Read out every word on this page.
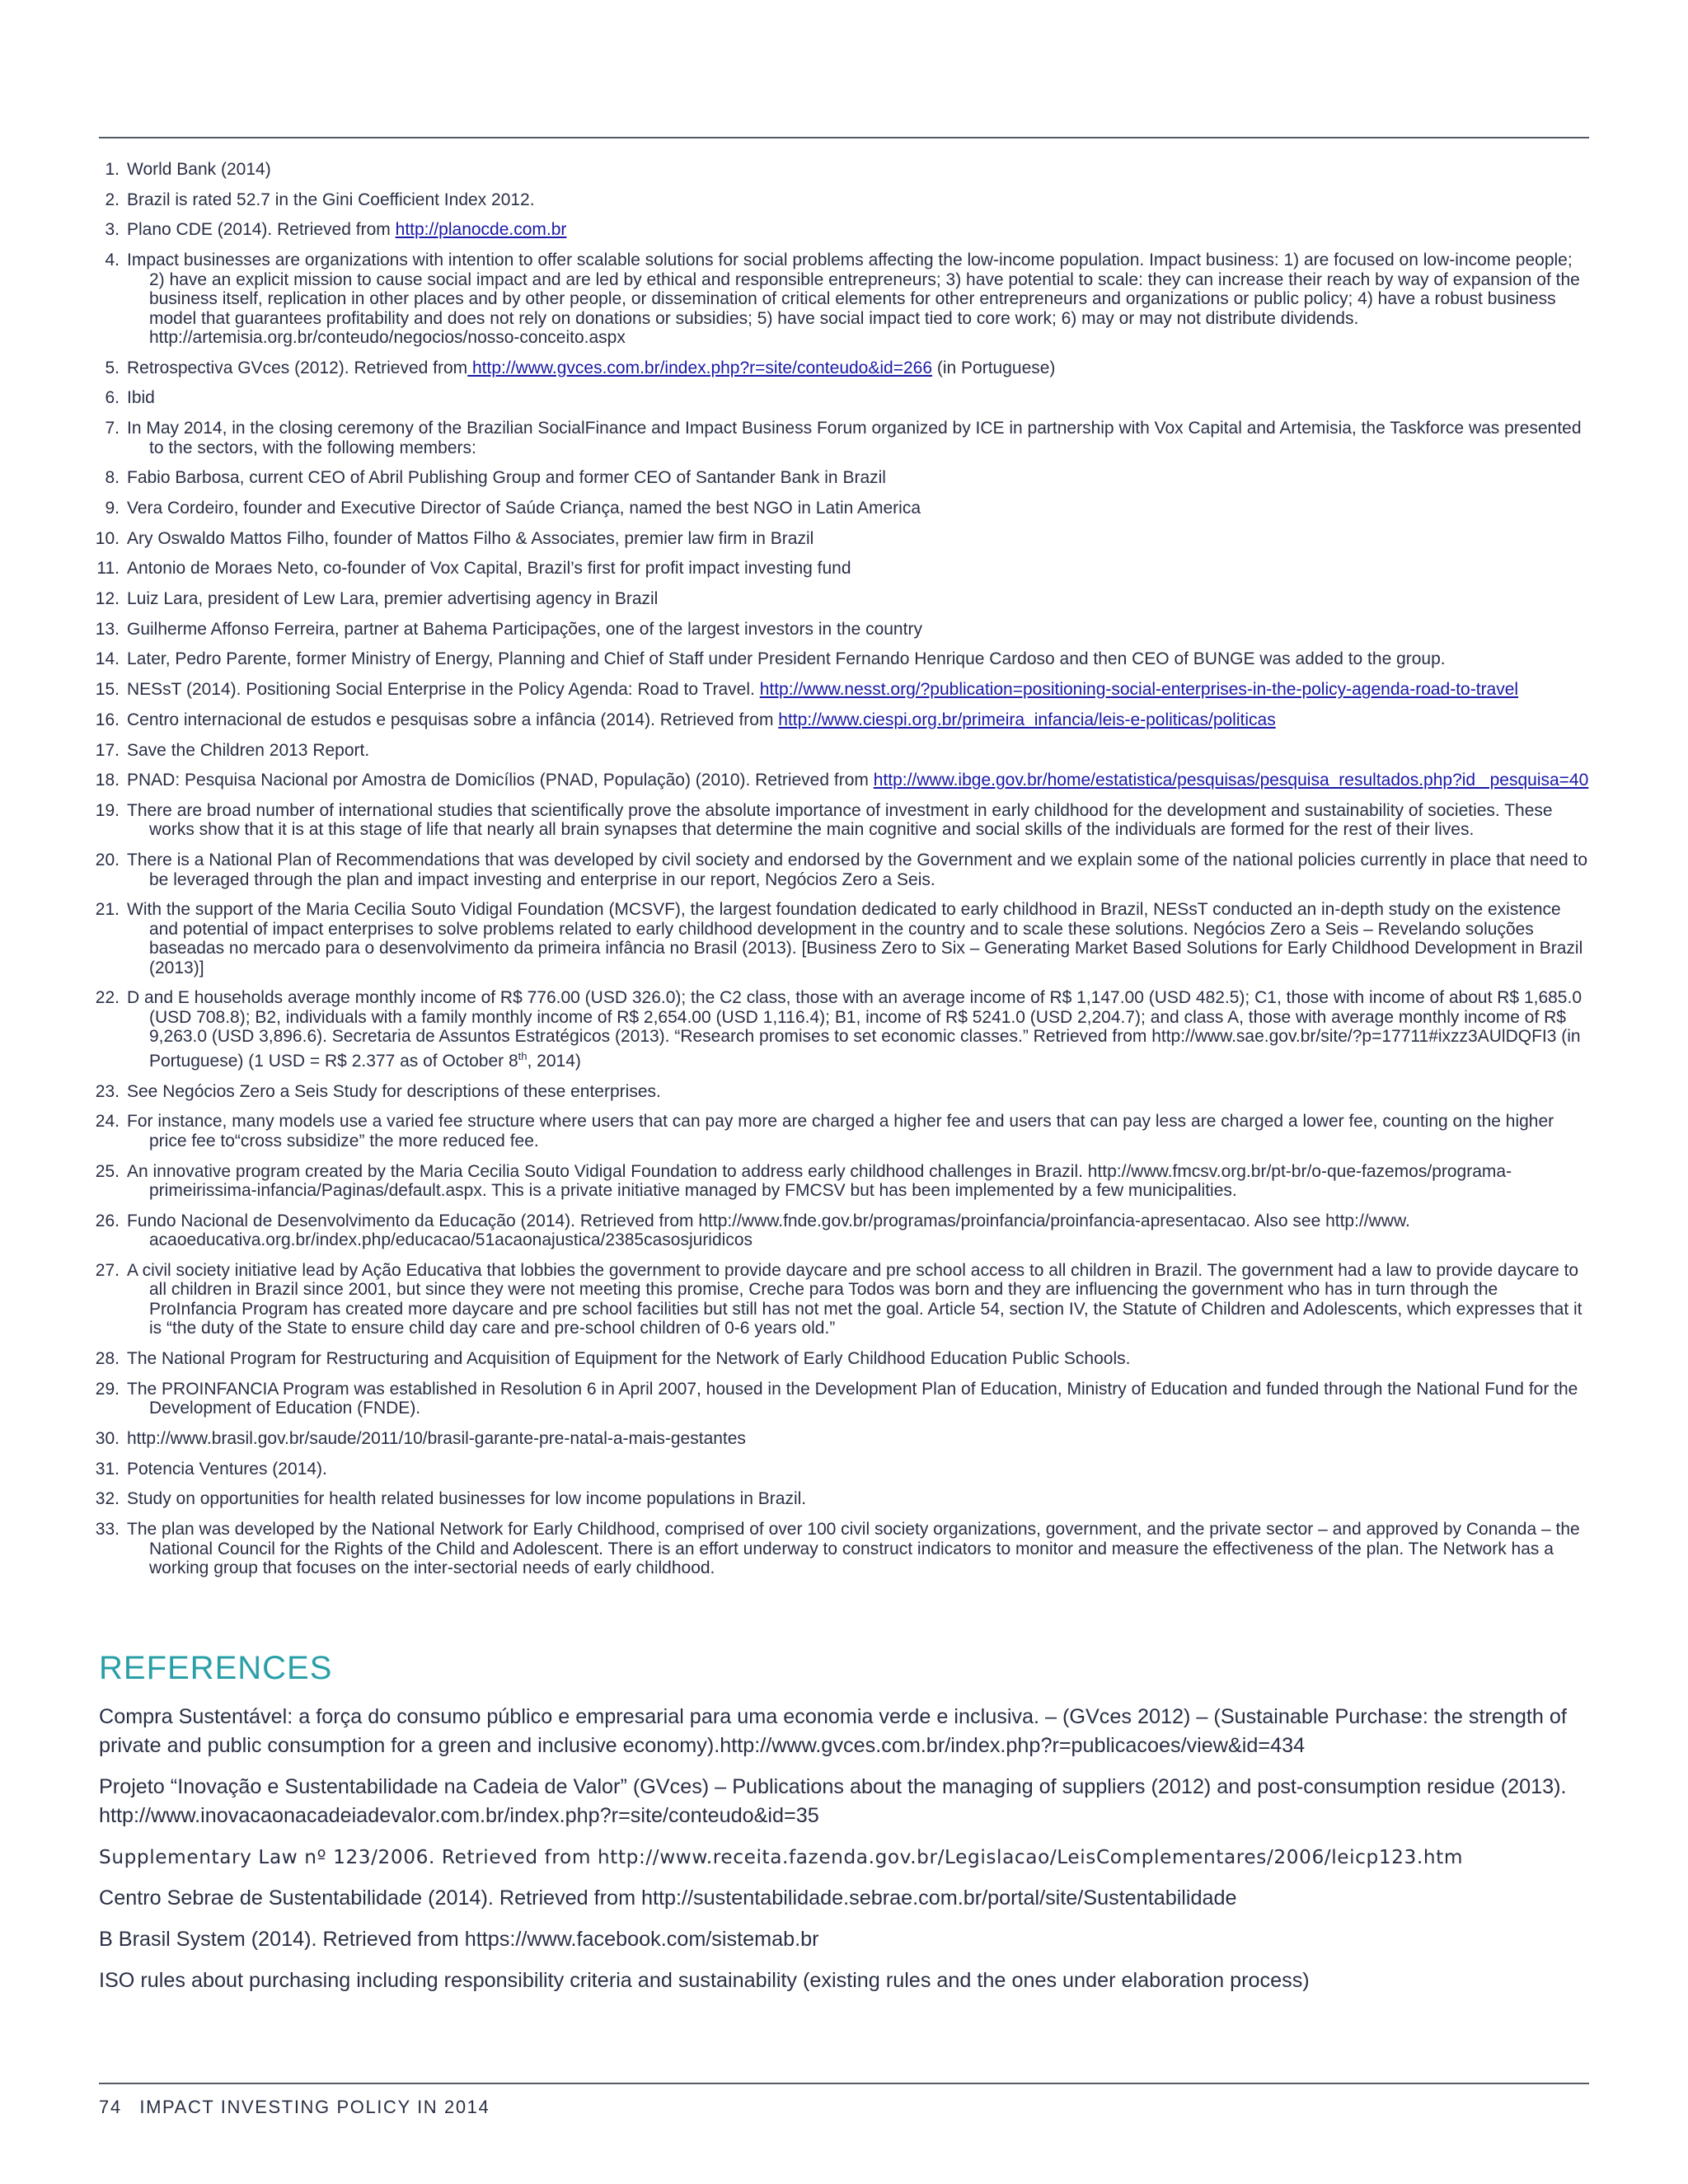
1. World Bank (2014)
2. Brazil is rated 52.7 in the Gini Coefficient Index 2012.
3. Plano CDE (2014). Retrieved from http://planocde.com.br
4. Impact businesses are organizations with intention to offer scalable solutions for social problems affecting the low-income population. Impact business: 1) are focused on low-income people; 2) have an explicit mission to cause social impact and are led by ethical and responsible entrepreneurs; 3) have potential to scale: they can increase their reach by way of expansion of the business itself, replication in other places and by other people, or dissemination of critical elements for other entrepreneurs and organizations or public policy; 4) have a robust business model that guarantees profitability and does not rely on donations or subsidies; 5) have social impact tied to core work; 6) may or may not distribute dividends. http://artemisia.org.br/conteudo/negocios/nosso-conceito.aspx
5. Retrospectiva GVces (2012). Retrieved from http://www.gvces.com.br/index.php?r=site/conteudo&id=266 (in Portuguese)
6. Ibid
7. In May 2014, in the closing ceremony of the Brazilian SocialFinance and Impact Business Forum organized by ICE in partnership with Vox Capital and Artemisia, the Taskforce was presented to the sectors, with the following members:
8. Fabio Barbosa, current CEO of Abril Publishing Group and former CEO of Santander Bank in Brazil
9. Vera Cordeiro, founder and Executive Director of Saúde Criança, named the best NGO in Latin America
10. Ary Oswaldo Mattos Filho, founder of Mattos Filho & Associates, premier law firm in Brazil
11. Antonio de Moraes Neto, co-founder of Vox Capital, Brazil’s first for profit impact investing fund
12. Luiz Lara, president of Lew Lara, premier advertising agency in Brazil
13. Guilherme Affonso Ferreira, partner at Bahema Participações, one of the largest investors in the country
14. Later, Pedro Parente, former Ministry of Energy, Planning and Chief of Staff under President Fernando Henrique Cardoso and then CEO of BUNGE was added to the group.
15. NESsT (2014). Positioning Social Enterprise in the Policy Agenda: Road to Travel. http://www.nesst.org/?publication=positioning-social-enterprises-in-the-policy-agenda-road-to-travel
16. Centro internacional de estudos e pesquisas sobre a infância (2014). Retrieved from http://www.ciespi.org.br/primeira_infancia/leis-e-politicas/politicas
17. Save the Children 2013 Report.
18. PNAD: Pesquisa Nacional por Amostra de Domicílios (PNAD, População) (2010). Retrieved from http://www.ibge.gov.br/home/estatistica/pesquisas/pesquisa_resultados.php?id_ pesquisa=40
19. There are broad number of international studies that scientifically prove the absolute importance of investment in early childhood for the development and sustainability of societies. These works show that it is at this stage of life that nearly all brain synapses that determine the main cognitive and social skills of the individuals are formed for the rest of their lives.
20. There is a National Plan of Recommendations that was developed by civil society and endorsed by the Government and we explain some of the national policies currently in place that need to be leveraged through the plan and impact investing and enterprise in our report, Negócios Zero a Seis.
21. With the support of the Maria Cecilia Souto Vidigal Foundation (MCSVF), the largest foundation dedicated to early childhood in Brazil, NESsT conducted an in-depth study on the existence and potential of impact enterprises to solve problems related to early childhood development in the country and to scale these solutions. Negócios Zero a Seis – Revelando soluções baseadas no mercado para o desenvolvimento da primeira infância no Brasil (2013). [Business Zero to Six – Generating Market Based Solutions for Early Childhood Development in Brazil (2013)]
22. D and E households average monthly income of R$ 776.00 (USD 326.0); the C2 class, those with an average income of R$ 1,147.00 (USD 482.5); C1, those with income of about R$ 1,685.0 (USD 708.8); B2, individuals with a family monthly income of R$ 2,654.00 (USD 1,116.4); B1, income of R$ 5241.0 (USD 2,204.7); and class A, those with average monthly income of R$ 9,263.0 (USD 3,896.6). Secretaria de Assuntos Estratégicos (2013). “Research promises to set economic classes.” Retrieved from http://www.sae.gov.br/site/?p=17711#ixzz3AUlDQFI3 (in Portuguese) (1 USD = R$ 2.377 as of October 8th, 2014)
23. See Negócios Zero a Seis Study for descriptions of these enterprises.
24. For instance, many models use a varied fee structure where users that can pay more are charged a higher fee and users that can pay less are charged a lower fee, counting on the higher price fee to“cross subsidize” the more reduced fee.
25. An innovative program created by the Maria Cecilia Souto Vidigal Foundation to address early childhood challenges in Brazil. http://www.fmcsv.org.br/pt-br/o-que-fazemos/programa-primeirissima-infancia/Paginas/default.aspx. This is a private initiative managed by FMCSV but has been implemented by a few municipalities.
26. Fundo Nacional de Desenvolvimento da Educação (2014). Retrieved from http://www.fnde.gov.br/programas/proinfancia/proinfancia-apresentacao. Also see http://www. acaoeducativa.org.br/index.php/educacao/51acaonajustica/2385casosjuridicos
27. A civil society initiative lead by Ação Educativa that lobbies the government to provide daycare and pre school access to all children in Brazil. The government had a law to provide daycare to all children in Brazil since 2001, but since they were not meeting this promise, Creche para Todos was born and they are influencing the government who has in turn through the ProInfancia Program has created more daycare and pre school facilities but still has not met the goal. Article 54, section IV, the Statute of Children and Adolescents, which expresses that it is “the duty of the State to ensure child day care and pre-school children of 0-6 years old.”
28. The National Program for Restructuring and Acquisition of Equipment for the Network of Early Childhood Education Public Schools.
29. The PROINFANCIA Program was established in Resolution 6 in April 2007, housed in the Development Plan of Education, Ministry of Education and funded through the National Fund for the Development of Education (FNDE).
30. http://www.brasil.gov.br/saude/2011/10/brasil-garante-pre-natal-a-mais-gestantes
31. Potencia Ventures (2014).
32. Study on opportunities for health related businesses for low income populations in Brazil.
33. The plan was developed by the National Network for Early Childhood, comprised of over 100 civil society organizations, government, and the private sector – and approved by Conanda – the National Council for the Rights of the Child and Adolescent. There is an effort underway to construct indicators to monitor and measure the effectiveness of the plan. The Network has a working group that focuses on the inter-sectorial needs of early childhood.
REFERENCES

Compra Sustentável: a força do consumo público e empresarial para uma economia verde e inclusiva. – (GVces 2012) – (Sustainable Purchase: the strength of private and public consumption for a green and inclusive economy).http://www.gvces.com.br/index.php?r=publicacoes/view&id=434

Projeto “Inovação e Sustentabilidade na Cadeia de Valor” (GVces) – Publications about the managing of suppliers (2012) and post-consumption residue (2013). http://www.inovacaonacadeiadevalor.com.br/index.php?r=site/conteudo&id=35

Supplementary Law nº 123/2006. Retrieved from http://www.receita.fazenda.gov.br/Legislacao/LeisComplementares/2006/leicp123.htm

Centro Sebrae de Sustentabilidade (2014). Retrieved from http://sustentabilidade.sebrae.com.br/portal/site/Sustentabilidade

B Brasil System (2014). Retrieved from https://www.facebook.com/sistemab.br

ISO rules about purchasing including responsibility criteria and sustainability (existing rules and the ones under elaboration process)

74 IMPACT INVESTING POLICY IN 2014
